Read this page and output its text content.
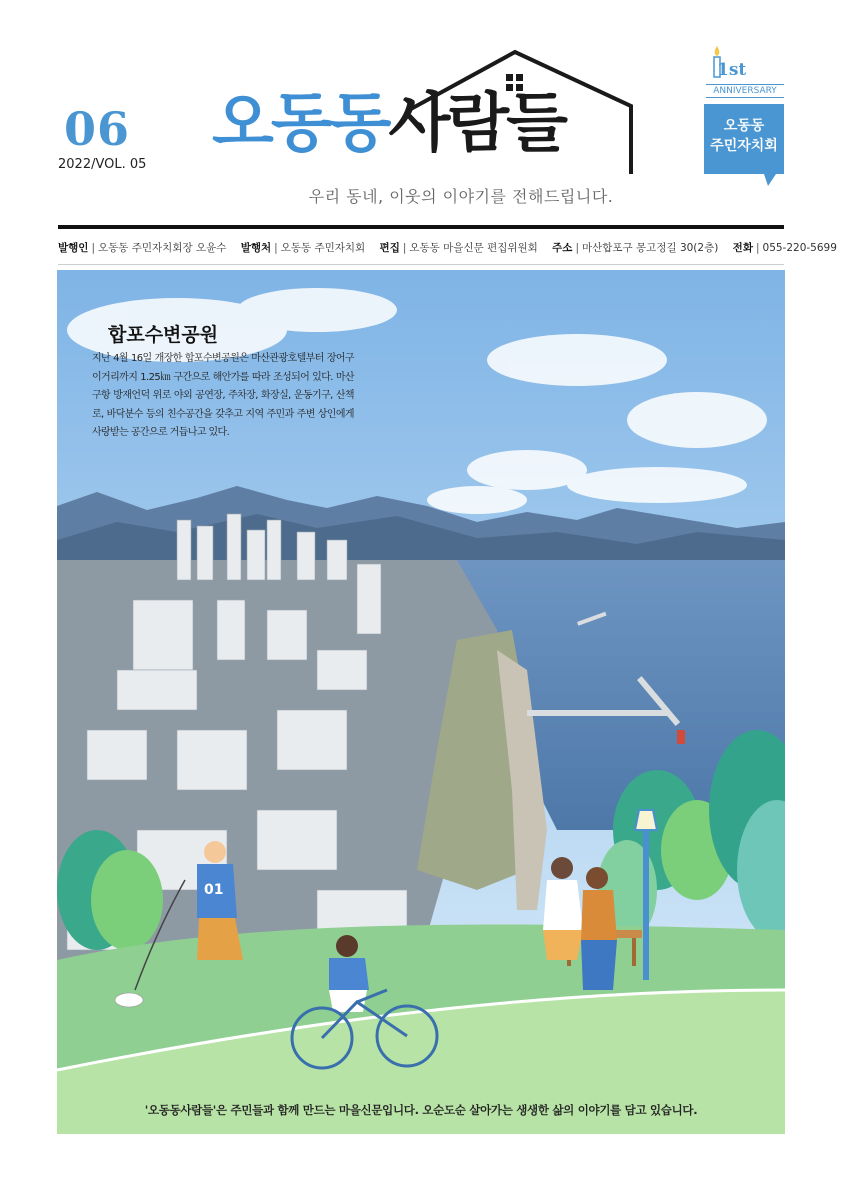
06
2022/VOL. 05
오동동사람들
우리 동네, 이웃의 이야기를 전해드립니다.
1st
ANNIVERSARY
오동동
주민자치회
발행인 | 오동동 주민자치회장 오윤수 발행처 | 오동동 주민자치회 편집 | 오동동 마을신문 편집위원회 주소 | 마산합포구 몽고정길 30(2층) 전화 | 055-220-5699
01
합포수변공원
지난 4월 16일 개장한 합포수변공원은 마산관광호텔부터 장어구이거리까지 1.25㎞ 구간으로 해안가를 따라 조성되어 있다. 마산구항 방재언덕 위로 야외 공연장, 주차장, 화장실, 운동기구, 산책로, 바닥분수 등의 친수공간을 갖추고 지역 주민과 주변 상인에게 사랑받는 공간으로 거듭나고 있다.
'오동동사람들'은 주민들과 함께 만드는 마을신문입니다. 오순도순 살아가는 생생한 삶의 이야기를 담고 있습니다.
